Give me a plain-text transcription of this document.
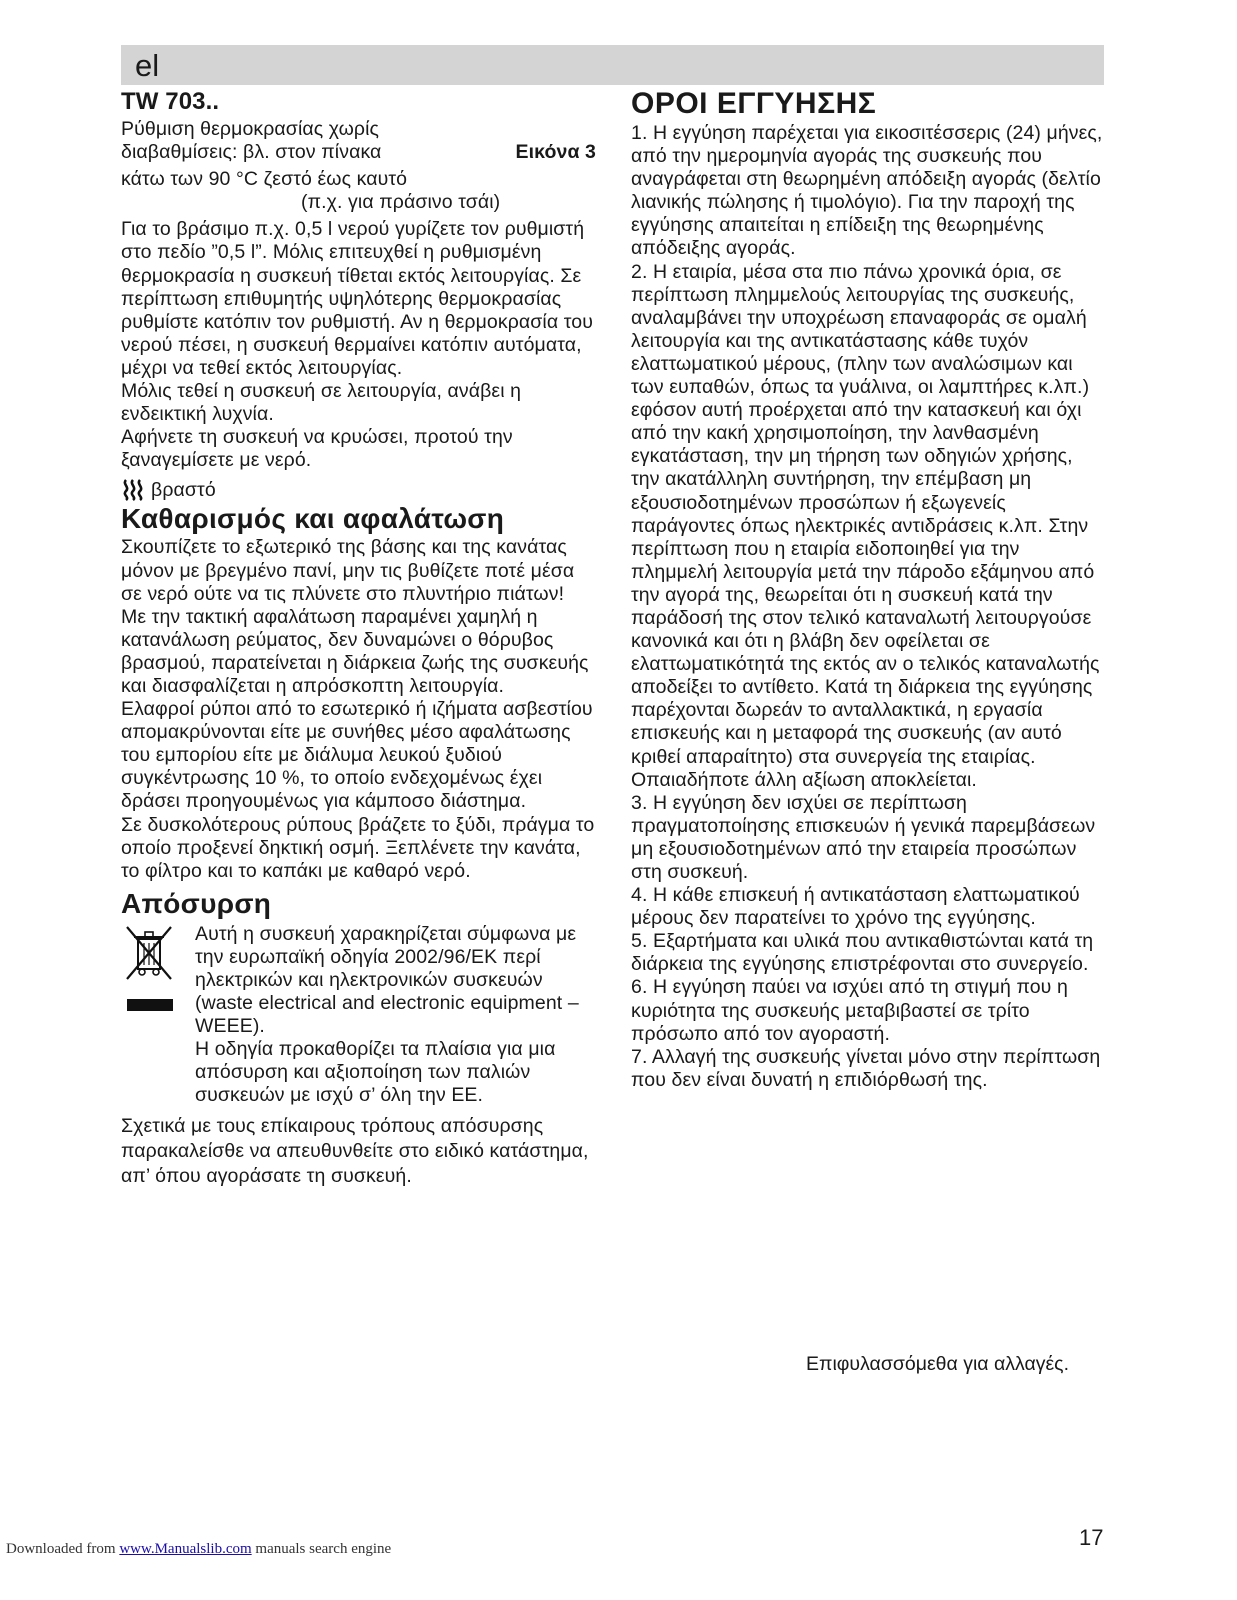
el
TW 703..

Ρύθμιση θερμοκρασίας χωρίς

διαβαθμίσεις: βλ. στον πίνακα	Εικόνα 3

κάτω των 90 °C ζεστό έως καυτό

(π.χ. για πράσινο τσάι)

Για το βράσιμο π.χ. 0,5 l νερού γυρίζετε τον ρυθμιστή στο πεδίο ”0,5 l”. Μόλις επιτευχθεί η ρυθμισμένη θερμοκρασία η συσκευή τίθεται εκτός λειτουργίας. Σε περίπτωση επιθυμητής υψηλότερης θερμοκρασίας ρυθμίστε κατόπιν τον ρυθμιστή. Αν η θερμοκρασία του νερού πέσει, η συσκευή θερμαίνει κατόπιν αυτόματα, μέχρι να τεθεί εκτός λειτουργίας.

Μόλις τεθεί η συσκευή σε λειτουργία, ανάβει η ενδεικτική λυχνία.

Αφήνετε τη συσκευή να κρυώσει, προτού την ξαναγεμίσετε με νερό.

βραστό
Καθαρισμός και αφαλάτωση

Σκουπίζετε το εξωτερικό της βάσης και της κανάτας μόνον με βρεγμένο πανί, μην τις βυθίζετε ποτέ μέσα σε νερό ούτε να τις πλύνετε στο πλυντήριο πιάτων!

Με την τακτική αφαλάτωση παραμένει χαμηλή η κατανάλωση ρεύματος, δεν δυναμώνει ο θόρυβος βρασμού, παρατείνεται η διάρκεια ζωής της συσκευής και διασφαλίζεται η απρόσκοπτη λειτουργία.

Ελαφροί ρύποι από το εσωτερικό ή ιζήματα ασβεστίου απομακρύνονται είτε με συνήθες μέσο αφαλάτωσης του εμπορίου είτε με διάλυμα λευκού ξυδιού συγκέντρωσης 10 %, το οποίο ενδεχομένως έχει δράσει προηγουμένως για κάμποσο διάστημα.

Σε δυσκολότερους ρύπους βράζετε το ξύδι, πράγμα το οποίο προξενεί δηκτική οσμή. Ξεπλένετε την κανάτα, το φίλτρο και το καπάκι με καθαρό νερό.

Απόσυρση

Αυτή η συσκευή χαρακηρίζεται σύμφωνα με την ευρωπαϊκή οδηγία 2002/96/ΕΚ περί ηλεκτρικών και ηλεκτρονικών συσκευών (waste electrical and electronic equipment – WEEE).

Η οδηγία προκαθορίζει τα πλαίσια για μια απόσυρση και αξιοποίηση των παλιών συσκευών με ισχύ σ’ όλη την ΕΕ.

Σχετικά με τους επίκαιρους τρόπους απόσυρσης παρακαλείσθε να απευθυνθείτε στο ειδικό κατάστημα, απ’ όπου αγοράσατε τη συσκευή.

ΟΡΟΙ ΕΓΓΥΗΣΗΣ

1. Η εγγύηση παρέχεται για εικοσιτέσσερις (24) μήνες, από την ημερομηνία αγοράς της συσκευής που αναγράφεται στη θεωρημένη απόδειξη αγοράς (δελτίο λιανικής πώλησης ή τιμολόγιο). Για την παροχή της εγγύησης απαιτείται η επίδειξη της θεωρημένης απόδειξης αγοράς.

2. Η εταιρία, μέσα στα πιο πάνω χρονικά όρια, σε περίπτωση πλημμελούς λειτουργίας της συσκευής, αναλαμβάνει την υποχρέωση επαναφοράς σε ομαλή λειτουργία και της αντικατάστασης κάθε τυχόν ελαττωματικού μέρους, (πλην των αναλώσιμων και των ευπαθών, όπως τα γυάλινα, οι λαμπτήρες κ.λπ.) εφόσον αυτή προέρχεται από την κατασκευή και όχι από την κακή χρησιμοποίηση, την λανθασμένη εγκατάσταση, την μη τήρηση των οδηγιών χρήσης, την ακατάλληλη συντήρηση, την επέμβαση μη εξουσιοδοτημένων προσώπων ή εξωγενείς παράγοντες όπως ηλεκτρικές αντιδράσεις κ.λπ. Στην περίπτωση που η εταιρία ειδοποιηθεί για την πλημμελή λειτουργία μετά την πάροδο εξάμηνου από την αγορά της, θεωρείται ότι η συσκευή κατά την παράδοσή της στον τελικό καταναλωτή λειτουργούσε κανονικά και ότι η βλάβη δεν οφείλεται σε ελαττωματικότητά της εκτός αν ο τελικός καταναλωτής αποδείξει το αντίθετο. Κατά τη διάρκεια της εγγύησης παρέχονται δωρεάν το ανταλλακτικά, η εργασία επισκευής και η μεταφορά της συσκευής (αν αυτό κριθεί απαραίτητο) στα συνεργεία της εταιρίας. Οπαιαδήποτε άλλη αξίωση αποκλείεται.

3. Η εγγύηση δεν ισχύει σε περίπτωση πραγματοποίησης επισκευών ή γενικά παρεμβάσεων μη εξουσιοδοτημένων από την εταιρεία προσώπων στη συσκευή.

4. Η κάθε επισκευή ή αντικατάσταση ελαττωματικού μέρους δεν παρατείνει το χρόνο της εγγύησης.

5. Εξαρτήματα και υλικά που αντικαθιστώνται κατά τη διάρκεια της εγγύησης επιστρέφονται στο συνεργείο.

6. Η εγγύηση παύει να ισχύει από τη στιγμή που η κυριότητα της συσκευής μεταβιβαστεί σε τρίτο πρόσωπο από τον αγοραστή.

7. Αλλαγή της συσκευής γίνεται μόνο στην περίπτωση που δεν είναι δυνατή η επιδιόρθωσή της.

Επιφυλασσόμεθα για αλλαγές.
17
Downloaded from www.Manualslib.com manuals search engine
